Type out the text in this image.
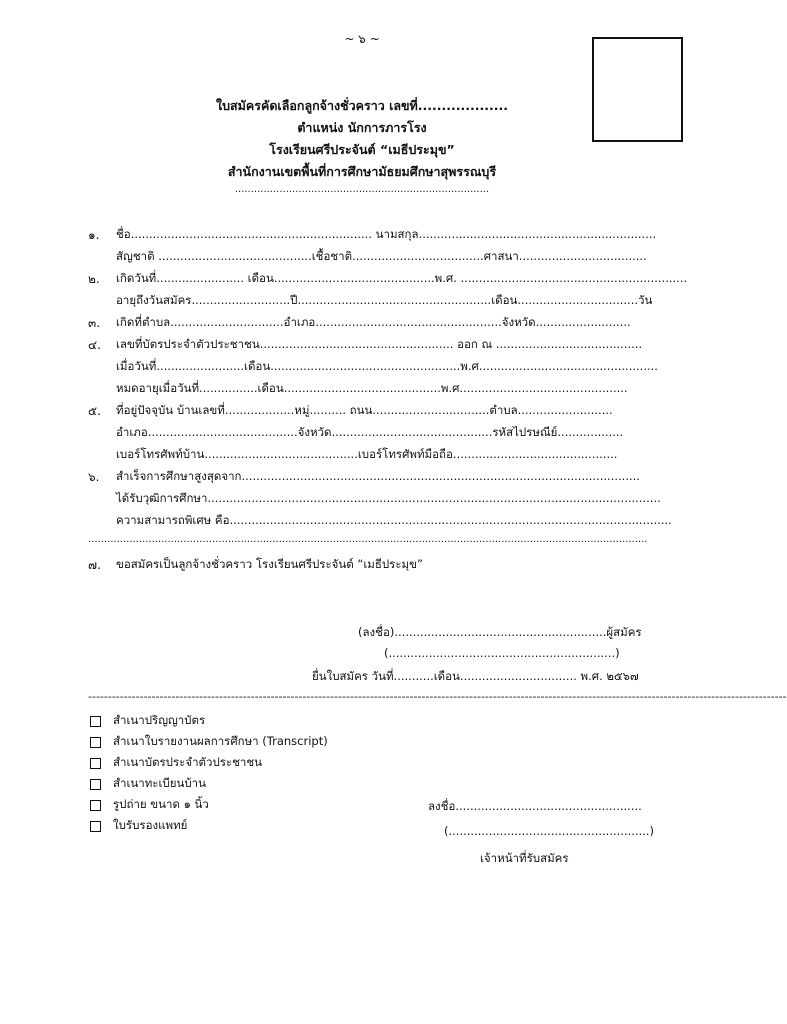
~ ๖ ~
ใบสมัครคัดเลือกลูกจ้างชั่วคราว เลขที่...................
ตำแหน่ง นักการภารโรง
โรงเรียนศรีประจันต์ “เมธีประมุข”
สำนักงานเขตพื้นที่การศึกษามัธยมศึกษาสุพรรณบุรี
................................................................................
๑. ชื่อ.................................................................. นามสกุล.................................................................
สัญชาติ ..........................................เชื้อชาติ....................................ศาสนา...................................
๒. เกิดวันที่........................ เดือน............................................พ.ศ. ..............................................................
อายุถึงวันสมัคร...........................ปี.....................................................เดือน.................................วัน
๓. เกิดที่ตำบล...............................อำเภอ...................................................จังหวัด..........................
๔. เลขที่บัตรประจำตัวประชาชน..................................................... ออก ณ ........................................
เมื่อวันที่........................เดือน....................................................พ.ศ.................................................
หมดอายุเมื่อวันที่................เดือน...........................................พ.ศ..............................................
๕. ที่อยู่ปัจจุบัน บ้านเลขที่...................หมู่.......... ถนน................................ตำบล..........................
อำเภอ.........................................จังหวัด............................................รหัสไปรษณีย์..................
เบอร์โทรศัพท์บ้าน..........................................เบอร์โทรศัพท์มือถือ.............................................
๖. สำเร็จการศึกษาสูงสุดจาก.............................................................................................................
ได้รับวุฒิการศึกษา............................................................................................................................
ความสามารถพิเศษ คือ.........................................................................................................................
................................................................................................................................................................................
๗. ขอสมัครเป็นลูกจ้างชั่วคราว โรงเรียนศรีประจันต์ “เมธีประมุข”
(ลงชื่อ)..........................................................ผู้สมัคร
(..............................................................)
ยื่นใบสมัคร วันที่...........เดือน................................ พ.ศ. ๒๕๖๗
--------------------------------------------------------------------------------------------------------------------------------------------------------------------------------
สำเนาปริญญาบัตร
สำเนาใบรายงานผลการศึกษา (Transcript)
สำเนาบัตรประจำตัวประชาชน
สำเนาทะเบียนบ้าน
รูปถ่าย ขนาด ๑ นิ้ว
ใบรับรองแพทย์
ลงชื่อ...................................................
(.......................................................)
เจ้าหน้าที่รับสมัคร
